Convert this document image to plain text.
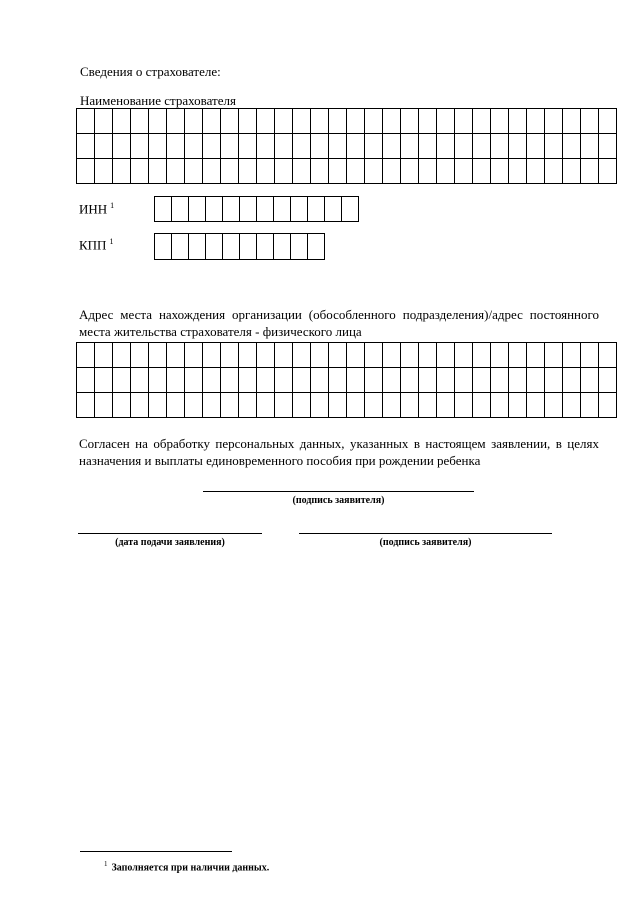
Сведения о страхователе:
Наименование страхователя

ИНН $^1$

КПП $^1$

Адрес места нахождения организации (обособленного подразделения)/адрес постоянного
места жительства страхователя - физического лица

Согласен на обработку персональных данных, указанных в настоящем заявлении, в целях
назначения и выплаты единовременного пособия при рождении ребенка
(подпись заявителя)
(дата подачи заявления)	(подпись заявителя)
$^1$ Заполняется при наличии данных.
